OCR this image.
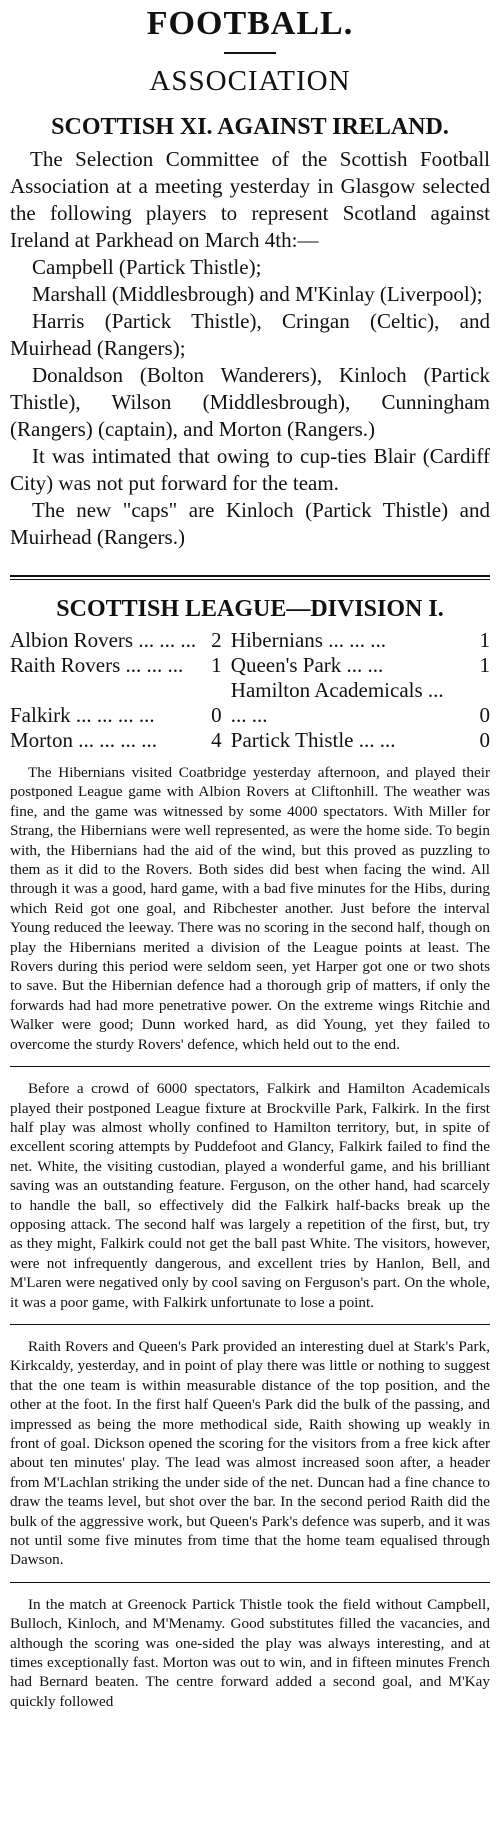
FOOTBALL.
ASSOCIATION
SCOTTISH XI. AGAINST IRELAND.

The Selection Committee of the Scottish Football Association at a meeting yesterday in Glasgow selected the following players to represent Scotland against Ireland at Parkhead on March 4th:—

Campbell (Partick Thistle);

Marshall (Middlesbrough) and M'Kinlay (Liverpool);

Harris (Partick Thistle), Cringan (Celtic), and Muirhead (Rangers);

Donaldson (Bolton Wanderers), Kinloch (Partick Thistle), Wilson (Middlesbrough), Cunningham (Rangers) (captain), and Morton (Rangers.)

It was intimated that owing to cup-ties Blair (Cardiff City) was not put forward for the team.

The new "caps" are Kinloch (Partick Thistle) and Muirhead (Rangers.)

SCOTTISH LEAGUE—DIVISION I.
Albion Rovers ... ... ...	2	Hibernians ... ... ...	1
Raith Rovers ... ... ...	1	Queen's Park ... ...	1
Falkirk ... ... ... ...	0	Hamilton Academicals ... ... ...	0
Morton ... ... ... ...	4	Partick Thistle ... ...	0

The Hibernians visited Coatbridge yesterday afternoon, and played their postponed League game with Albion Rovers at Cliftonhill. The weather was fine, and the game was witnessed by some 4000 spectators. With Miller for Strang, the Hibernians were well represented, as were the home side. To begin with, the Hibernians had the aid of the wind, but this proved as puzzling to them as it did to the Rovers. Both sides did best when facing the wind. All through it was a good, hard game, with a bad five minutes for the Hibs, during which Reid got one goal, and Ribchester another. Just before the interval Young reduced the leeway. There was no scoring in the second half, though on play the Hibernians merited a division of the League points at least. The Rovers during this period were seldom seen, yet Harper got one or two shots to save. But the Hibernian defence had a thorough grip of matters, if only the forwards had had more penetrative power. On the extreme wings Ritchie and Walker were good; Dunn worked hard, as did Young, yet they failed to overcome the sturdy Rovers' defence, which held out to the end.

Before a crowd of 6000 spectators, Falkirk and Hamilton Academicals played their postponed League fixture at Brockville Park, Falkirk. In the first half play was almost wholly confined to Hamilton territory, but, in spite of excellent scoring attempts by Puddefoot and Glancy, Falkirk failed to find the net. White, the visiting custodian, played a wonderful game, and his brilliant saving was an outstanding feature. Ferguson, on the other hand, had scarcely to handle the ball, so effectively did the Falkirk half-backs break up the opposing attack. The second half was largely a repetition of the first, but, try as they might, Falkirk could not get the ball past White. The visitors, however, were not infrequently dangerous, and excellent tries by Hanlon, Bell, and M'Laren were negatived only by cool saving on Ferguson's part. On the whole, it was a poor game, with Falkirk unfortunate to lose a point.

Raith Rovers and Queen's Park provided an interesting duel at Stark's Park, Kirkcaldy, yesterday, and in point of play there was little or nothing to suggest that the one team is within measurable distance of the top position, and the other at the foot. In the first half Queen's Park did the bulk of the passing, and impressed as being the more methodical side, Raith showing up weakly in front of goal. Dickson opened the scoring for the visitors from a free kick after about ten minutes' play. The lead was almost increased soon after, a header from M'Lachlan striking the under side of the net. Duncan had a fine chance to draw the teams level, but shot over the bar. In the second period Raith did the bulk of the aggressive work, but Queen's Park's defence was superb, and it was not until some five minutes from time that the home team equalised through Dawson.

In the match at Greenock Partick Thistle took the field without Campbell, Bulloch, Kinloch, and M'Menamy. Good substitutes filled the vacancies, and although the scoring was one-sided the play was always interesting, and at times exceptionally fast. Morton was out to win, and in fifteen minutes French had Bernard beaten. The centre forward added a second goal, and M'Kay quickly followed
